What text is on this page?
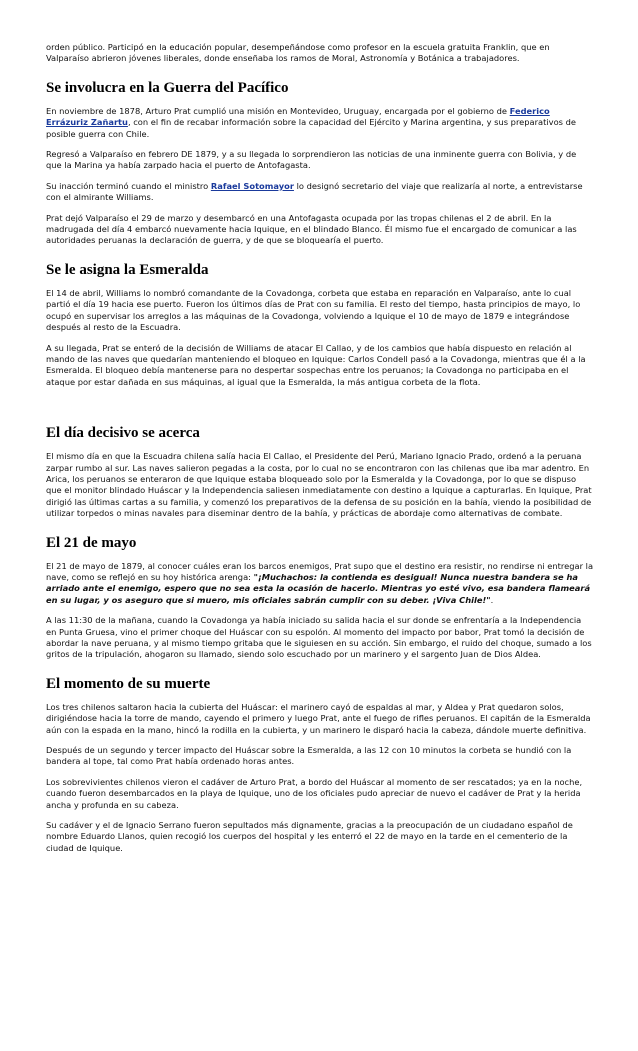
orden público. Participó en la educación popular, desempeñándose como profesor en la escuela gratuita Franklin, que en Valparaíso abrieron jóvenes liberales, donde enseñaba los ramos de Moral, Astronomía y Botánica a trabajadores.

Se involucra en la Guerra del Pacífico

En noviembre de 1878, Arturo Prat cumplió una misión en Montevideo, Uruguay, encargada por el gobierno de Federico Errázuriz Zañartu, con el fin de recabar información sobre la capacidad del Ejército y Marina argentina, y sus preparativos de posible guerra con Chile.

Regresó a Valparaíso en febrero DE 1879, y a su llegada lo sorprendieron las noticias de una inminente guerra con Bolivia, y de que la Marina ya había zarpado hacia el puerto de Antofagasta.

Su inacción terminó cuando el ministro Rafael Sotomayor lo designó secretario del viaje que realizaría al norte, a entrevistarse con el almirante Williams.

Prat dejó Valparaíso el 29 de marzo y desembarcó en una Antofagasta ocupada por las tropas chilenas el 2 de abril. En la madrugada del día 4 embarcó nuevamente hacia Iquique, en el blindado Blanco. Él mismo fue el encargado de comunicar a las autoridades peruanas la declaración de guerra, y de que se bloquearía el puerto.

Se le asigna la Esmeralda

El 14 de abril, Williams lo nombró comandante de la Covadonga, corbeta que estaba en reparación en Valparaíso, ante lo cual partió el día 19 hacia ese puerto. Fueron los últimos días de Prat con su familia. El resto del tiempo, hasta principios de mayo, lo ocupó en supervisar los arreglos a las máquinas de la Covadonga, volviendo a Iquique el 10 de mayo de 1879 e integrándose después al resto de la Escuadra.

A su llegada, Prat se enteró de la decisión de Williams de atacar El Callao, y de los cambios que había dispuesto en relación al mando de las naves que quedarían manteniendo el bloqueo en Iquique: Carlos Condell pasó a la Covadonga, mientras que él a la Esmeralda. El bloqueo debía mantenerse para no despertar sospechas entre los peruanos; la Covadonga no participaba en el ataque por estar dañada en sus máquinas, al igual que la Esmeralda, la más antigua corbeta de la flota.

El día decisivo se acerca

El mismo día en que la Escuadra chilena salía hacia El Callao, el Presidente del Perú, Mariano Ignacio Prado, ordenó a la peruana zarpar rumbo al sur. Las naves salieron pegadas a la costa, por lo cual no se encontraron con las chilenas que iba mar adentro. En Arica, los peruanos se enteraron de que Iquique estaba bloqueado solo por la Esmeralda y la Covadonga, por lo que se dispuso que el monitor blindado Huáscar y la Independencia saliesen inmediatamente con destino a Iquique a capturarlas. En Iquique, Prat dirigió las últimas cartas a su familia, y comenzó los preparativos de la defensa de su posición en la bahía, viendo la posibilidad de utilizar torpedos o minas navales para diseminar dentro de la bahía, y prácticas de abordaje como alternativas de combate.

El 21 de mayo

El 21 de mayo de 1879, al conocer cuáles eran los barcos enemigos, Prat supo que el destino era resistir, no rendirse ni entregar la nave, como se reflejó en su hoy histórica arenga: "¡Muchachos: la contienda es desigual! Nunca nuestra bandera se ha arriado ante el enemigo, espero que no sea esta la ocasión de hacerlo. Mientras yo esté vivo, esa bandera flameará en su lugar, y os aseguro que si muero, mis oficiales sabrán cumplir con su deber. ¡Viva Chile!".

A las 11:30 de la mañana, cuando la Covadonga ya había iniciado su salida hacia el sur donde se enfrentaría a la Independencia en Punta Gruesa, vino el primer choque del Huáscar con su espolón. Al momento del impacto por babor, Prat tomó la decisión de abordar la nave peruana, y al mismo tiempo gritaba que le siguiesen en su acción. Sin embargo, el ruido del choque, sumado a los gritos de la tripulación, ahogaron su llamado, siendo solo escuchado por un marinero y el sargento Juan de Dios Aldea.

El momento de su muerte

Los tres chilenos saltaron hacia la cubierta del Huáscar: el marinero cayó de espaldas al mar, y Aldea y Prat quedaron solos, dirigiéndose hacia la torre de mando, cayendo el primero y luego Prat, ante el fuego de rifles peruanos. El capitán de la Esmeralda aún con la espada en la mano, hincó la rodilla en la cubierta, y un marinero le disparó hacia la cabeza, dándole muerte definitiva.

Después de un segundo y tercer impacto del Huáscar sobre la Esmeralda, a las 12 con 10 minutos la corbeta se hundió con la bandera al tope, tal como Prat había ordenado horas antes.

Los sobrevivientes chilenos vieron el cadáver de Arturo Prat, a bordo del Huáscar al momento de ser rescatados; ya en la noche, cuando fueron desembarcados en la playa de Iquique, uno de los oficiales pudo apreciar de nuevo el cadáver de Prat y la herida ancha y profunda en su cabeza.

Su cadáver y el de Ignacio Serrano fueron sepultados más dignamente, gracias a la preocupación de un ciudadano español de nombre Eduardo Llanos, quien recogió los cuerpos del hospital y les enterró el 22 de mayo en la tarde en el cementerio de la ciudad de Iquique.
